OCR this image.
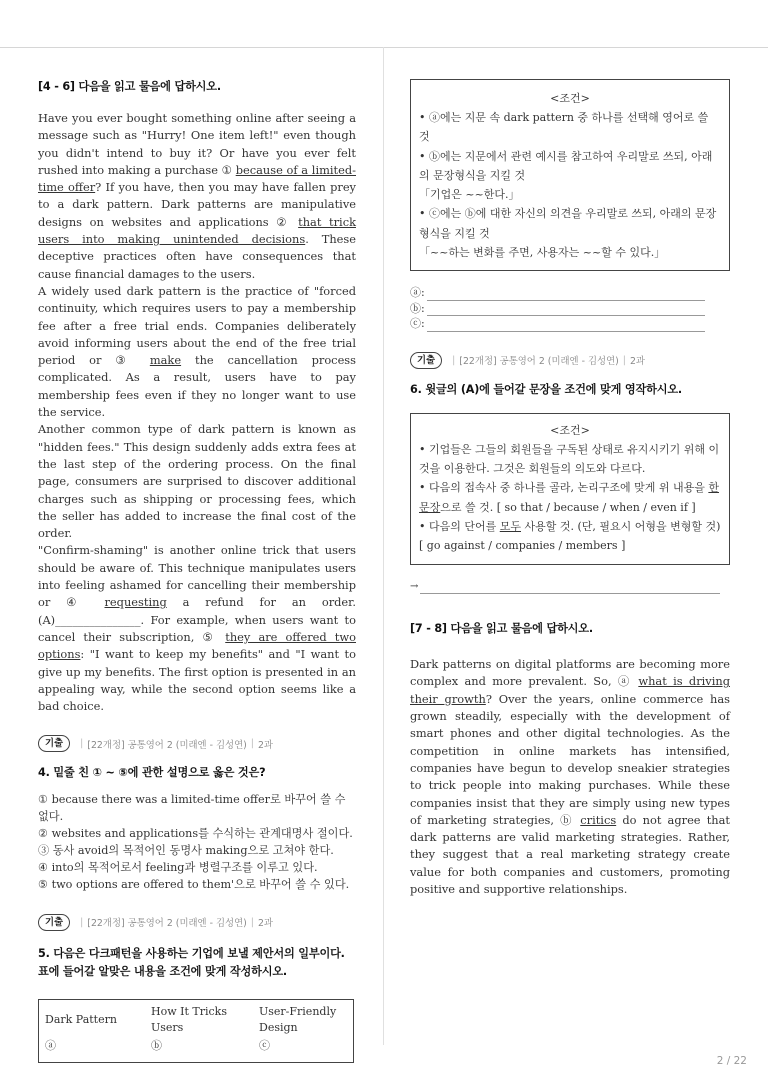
[4 - 6] 다음을 읽고 물음에 답하시오.

Have you ever bought something online after seeing a message such as "Hurry! One item left!" even though you didn't intend to buy it? Or have you ever felt rushed into making a purchase ① because of a limited-time offer? If you have, then you may have fallen prey to a dark pattern. Dark patterns are manipulative designs on websites and applications ② that trick users into making unintended decisions. These deceptive practices often have consequences that cause financial damages to the users.

A widely used dark pattern is the practice of "forced continuity, which requires users to pay a membership fee after a free trial ends. Companies deliberately avoid informing users about the end of the free trial period or ③ make the cancellation process complicated. As a result, users have to pay membership fees even if they no longer want to use the service.

Another common type of dark pattern is known as "hidden fees." This design suddenly adds extra fees at the last step of the ordering process. On the final page, consumers are surprised to discover additional charges such as shipping or processing fees, which the seller has added to increase the final cost of the order.

"Confirm-shaming" is another online trick that users should be aware of. This technique manipulates users into feeling ashamed for cancelling their membership or ④ requesting a refund for an order. (A)_______________. For example, when users want to cancel their subscription, ⑤ they are offered two options: "I want to keep my benefits" and "I want to give up my benefits. The first option is presented in an appealing way, while the second option seems like a bad choice.

기출	| [22개정] 공통영어 2 (미래엔 - 김성연) | 2과
4. 밑줄 친 ① ~ ⑤에 관한 설명으로 옳은 것은?
① because there was a limited-time offer로 바꾸어 쓸 수 없다.
② websites and applications를 수식하는 관계대명사 절이다.
③ 동사 avoid의 목적어인 동명사 making으로 고쳐야 한다.
④ into의 목적어로서 feeling과 병렬구조를 이루고 있다.
⑤ two options are offered to them'으로 바꾸어 쓸 수 있다.
기출	| [22개정] 공통영어 2 (미래엔 - 김성연) | 2과
5. 다음은 다크패턴을 사용하는 기업에 보낼 제안서의 일부이다. 표에 들어갈 알맞은 내용을 조건에 맞게 작성하시오.
Dark Pattern	How It Tricks Users	User-Friendly Design
ⓐ	ⓑ	ⓒ
<조건>
• ⓐ에는 지문 속 dark pattern 중 하나를 선택해 영어로 쓸 것
• ⓑ에는 지문에서 관련 예시를 참고하여 우리말로 쓰되, 아래의 문장형식을 지킬 것
「기업은 ~~한다.」
• ⓒ에는 ⓑ에 대한 자신의 의견을 우리말로 쓰되, 아래의 문장형식을 지킬 것
「~~하는 변화를 주면, 사용자는 ~~할 수 있다.」
ⓐ:
ⓑ:
ⓒ:
기출	| [22개정] 공통영어 2 (미래엔 - 김성연) | 2과
6. 윗글의 (A)에 들어갈 문장을 조건에 맞게 영작하시오.
<조건>
• 기업들은 그들의 회원들을 구독된 상태로 유지시키기 위해 이것을 이용한다. 그것은 회원들의 의도와 다르다.
• 다음의 접속사 중 하나를 골라, 논리구조에 맞게 위 내용을 한 문장으로 쓸 것. [ so that / because / when / even if ]
• 다음의 단어를 모두 사용할 것. (단, 필요시 어형을 변형할 것) [ go against / companies / members ]
→
[7 - 8] 다음을 읽고 물음에 답하시오.

Dark patterns on digital platforms are becoming more complex and more prevalent. So, ⓐ what is driving their growth? Over the years, online commerce has grown steadily, especially with the development of smart phones and other digital technologies. As the competition in online markets has intensified, companies have begun to develop sneakier strategies to trick people into making purchases. While these companies insist that they are simply using new types of marketing strategies, ⓑ critics do not agree that dark patterns are valid marketing strategies. Rather, they suggest that a real marketing strategy create value for both companies and customers, promoting positive and supportive relationships.

2 / 22
